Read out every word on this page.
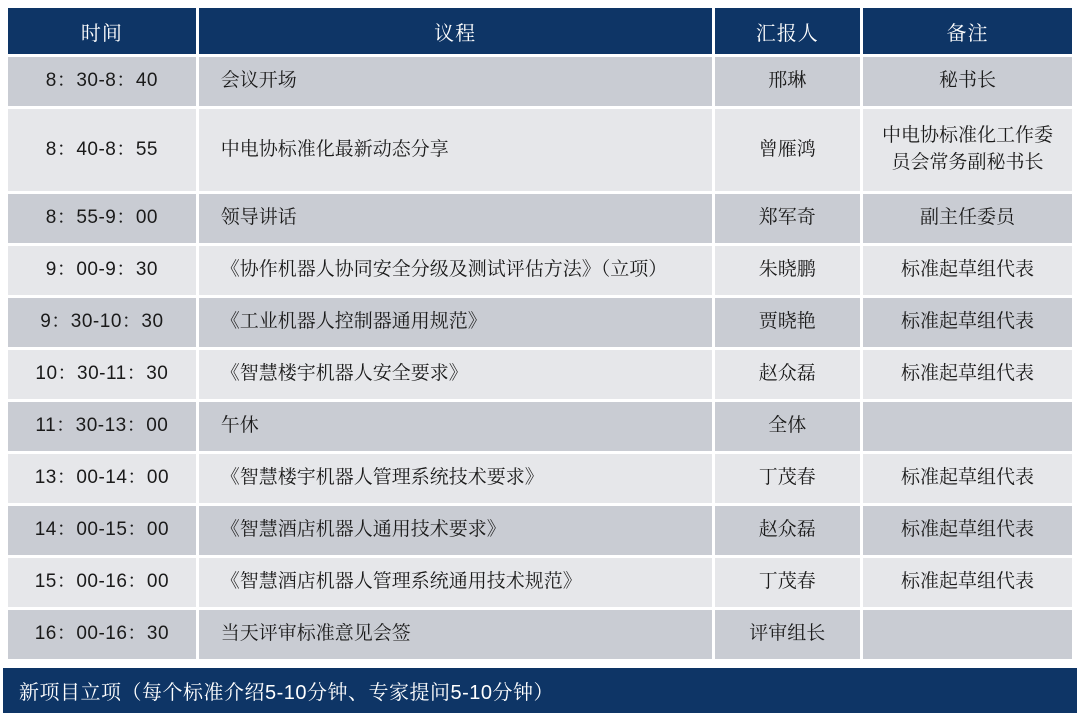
时间	议程	汇报人	备注
8：30-8：40	会议开场	邢琳	秘书长
8：40-8：55	中电协标准化最新动态分享	曾雁鸿	中电协标准化工作委员会常务副秘书长
8：55-9：00	领导讲话	郑军奇	副主任委员
9：00-9：30	《协作机器人协同安全分级及测试评估方法》（立项）	朱晓鹏	标准起草组代表
9：30-10：30	《工业机器人控制器通用规范》	贾晓艳	标准起草组代表
10：30-11：30	《智慧楼宇机器人安全要求》	赵众磊	标准起草组代表
11：30-13：00	午休	全体	
13：00-14：00	《智慧楼宇机器人管理系统技术要求》	丁茂春	标准起草组代表
14：00-15：00	《智慧酒店机器人通用技术要求》	赵众磊	标准起草组代表
15：00-16：00	《智慧酒店机器人管理系统通用技术规范》	丁茂春	标准起草组代表
16：00-16：30	当天评审标准意见会签	评审组长	
新项目立项（每个标准介绍5-10分钟、专家提问5-10分钟）
